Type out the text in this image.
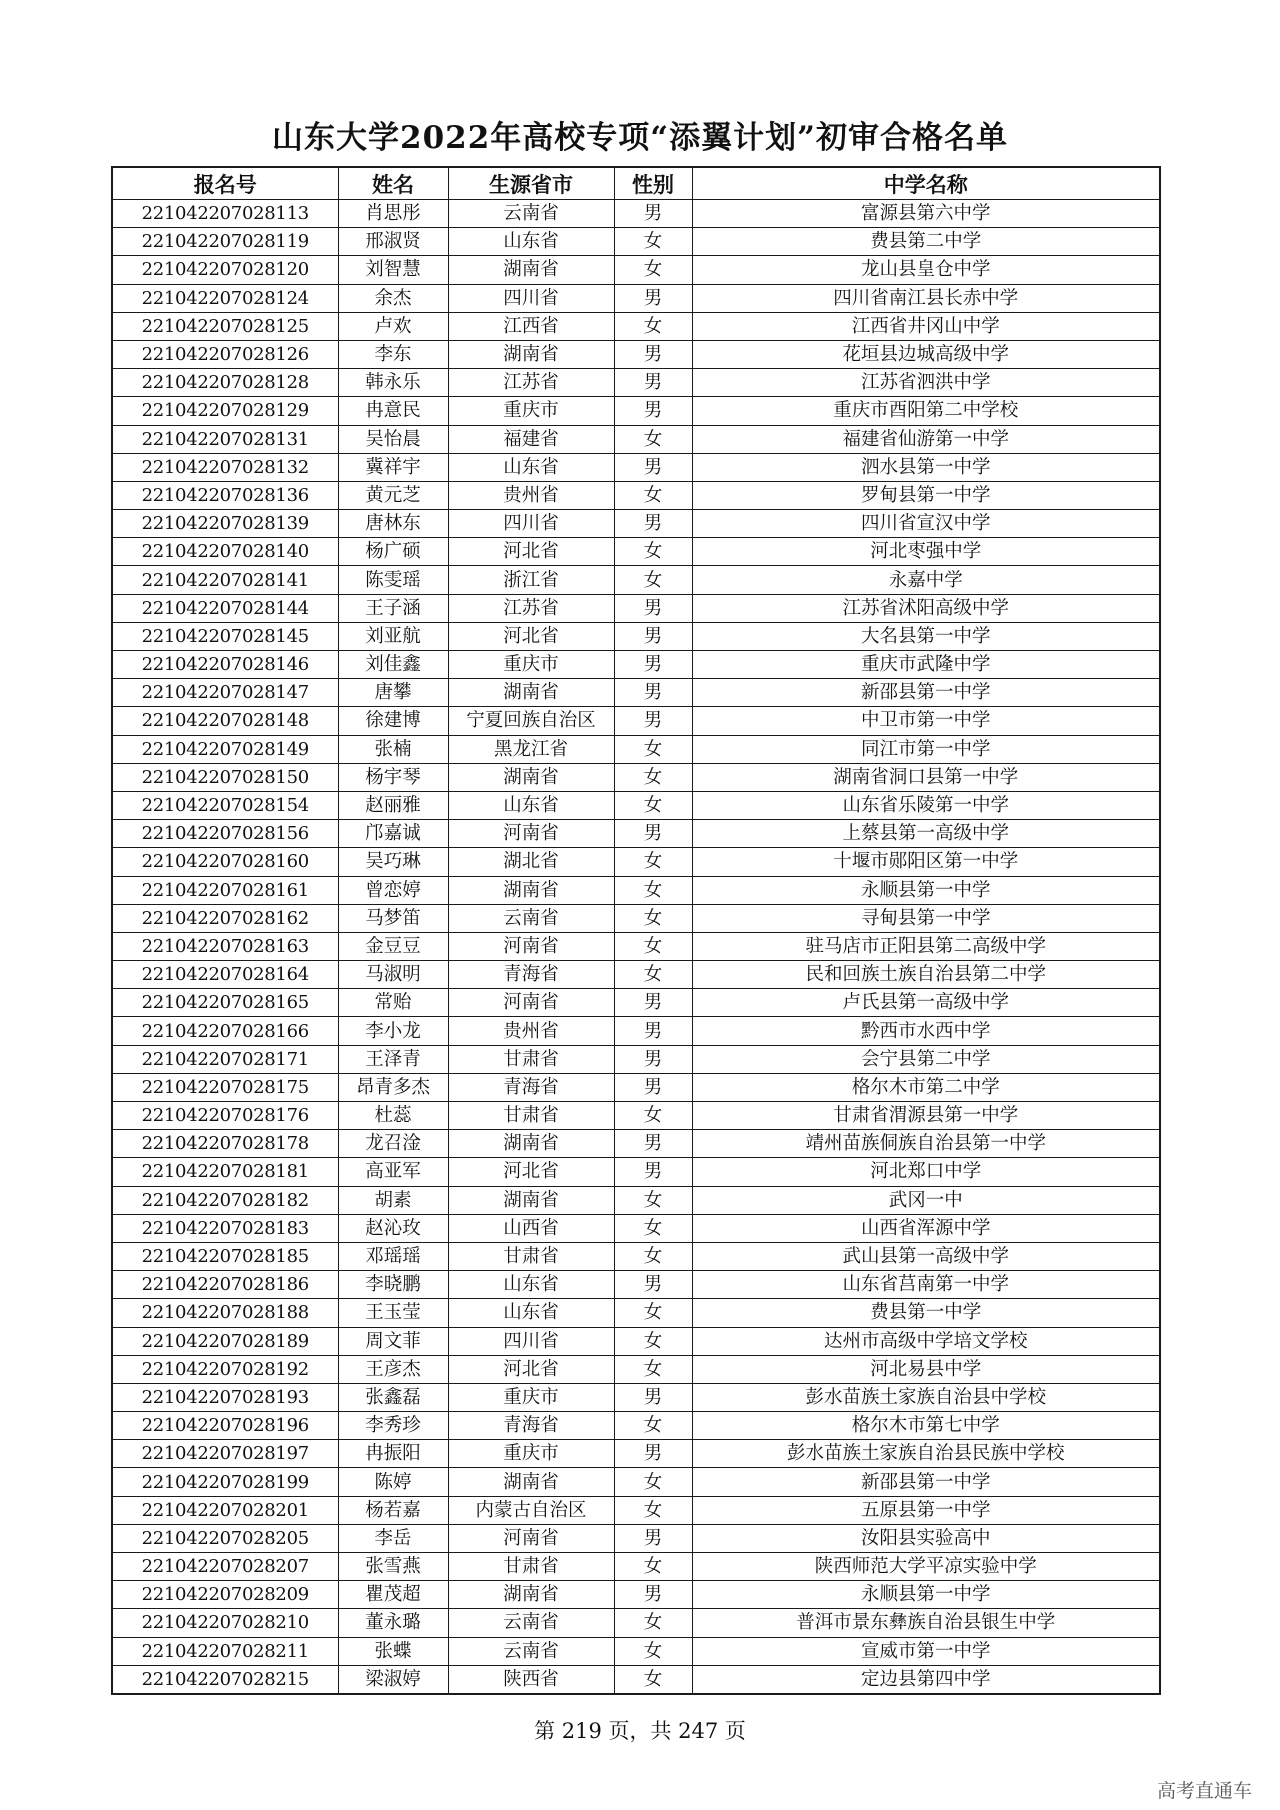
山东大学2022年高校专项“添翼计划”初审合格名单
报名号	姓名	生源省市	性别	中学名称
221042207028113	肖思彤	云南省	男	富源县第六中学
221042207028119	邢淑贤	山东省	女	费县第二中学
221042207028120	刘智慧	湖南省	女	龙山县皇仓中学
221042207028124	余杰	四川省	男	四川省南江县长赤中学
221042207028125	卢欢	江西省	女	江西省井冈山中学
221042207028126	李东	湖南省	男	花垣县边城高级中学
221042207028128	韩永乐	江苏省	男	江苏省泗洪中学
221042207028129	冉意民	重庆市	男	重庆市酉阳第二中学校
221042207028131	吴怡晨	福建省	女	福建省仙游第一中学
221042207028132	冀祥宇	山东省	男	泗水县第一中学
221042207028136	黄元芝	贵州省	女	罗甸县第一中学
221042207028139	唐林东	四川省	男	四川省宣汉中学
221042207028140	杨广硕	河北省	女	河北枣强中学
221042207028141	陈雯瑶	浙江省	女	永嘉中学
221042207028144	王子涵	江苏省	男	江苏省沭阳高级中学
221042207028145	刘亚航	河北省	男	大名县第一中学
221042207028146	刘佳鑫	重庆市	男	重庆市武隆中学
221042207028147	唐攀	湖南省	男	新邵县第一中学
221042207028148	徐建博	宁夏回族自治区	男	中卫市第一中学
221042207028149	张楠	黑龙江省	女	同江市第一中学
221042207028150	杨宇琴	湖南省	女	湖南省洞口县第一中学
221042207028154	赵丽雅	山东省	女	山东省乐陵第一中学
221042207028156	邝嘉诚	河南省	男	上蔡县第一高级中学
221042207028160	吴巧琳	湖北省	女	十堰市郧阳区第一中学
221042207028161	曾恋婷	湖南省	女	永顺县第一中学
221042207028162	马梦笛	云南省	女	寻甸县第一中学
221042207028163	金豆豆	河南省	女	驻马店市正阳县第二高级中学
221042207028164	马淑明	青海省	女	民和回族土族自治县第二中学
221042207028165	常贻	河南省	男	卢氏县第一高级中学
221042207028166	李小龙	贵州省	男	黔西市水西中学
221042207028171	王泽青	甘肃省	男	会宁县第二中学
221042207028175	昂青多杰	青海省	男	格尔木市第二中学
221042207028176	杜蕊	甘肃省	女	甘肃省渭源县第一中学
221042207028178	龙召淦	湖南省	男	靖州苗族侗族自治县第一中学
221042207028181	高亚军	河北省	男	河北郑口中学
221042207028182	胡素	湖南省	女	武冈一中
221042207028183	赵沁玫	山西省	女	山西省浑源中学
221042207028185	邓瑶瑶	甘肃省	女	武山县第一高级中学
221042207028186	李晓鹏	山东省	男	山东省莒南第一中学
221042207028188	王玉莹	山东省	女	费县第一中学
221042207028189	周文菲	四川省	女	达州市高级中学培文学校
221042207028192	王彦杰	河北省	女	河北易县中学
221042207028193	张鑫磊	重庆市	男	彭水苗族土家族自治县中学校
221042207028196	李秀珍	青海省	女	格尔木市第七中学
221042207028197	冉振阳	重庆市	男	彭水苗族土家族自治县民族中学校
221042207028199	陈婷	湖南省	女	新邵县第一中学
221042207028201	杨若嘉	内蒙古自治区	女	五原县第一中学
221042207028205	李岳	河南省	男	汝阳县实验高中
221042207028207	张雪燕	甘肃省	女	陕西师范大学平凉实验中学
221042207028209	瞿茂超	湖南省	男	永顺县第一中学
221042207028210	董永璐	云南省	女	普洱市景东彝族自治县银生中学
221042207028211	张蝶	云南省	女	宣威市第一中学
221042207028215	梁淑婷	陕西省	女	定边县第四中学
第 219 页，共 247 页
高考直通车
